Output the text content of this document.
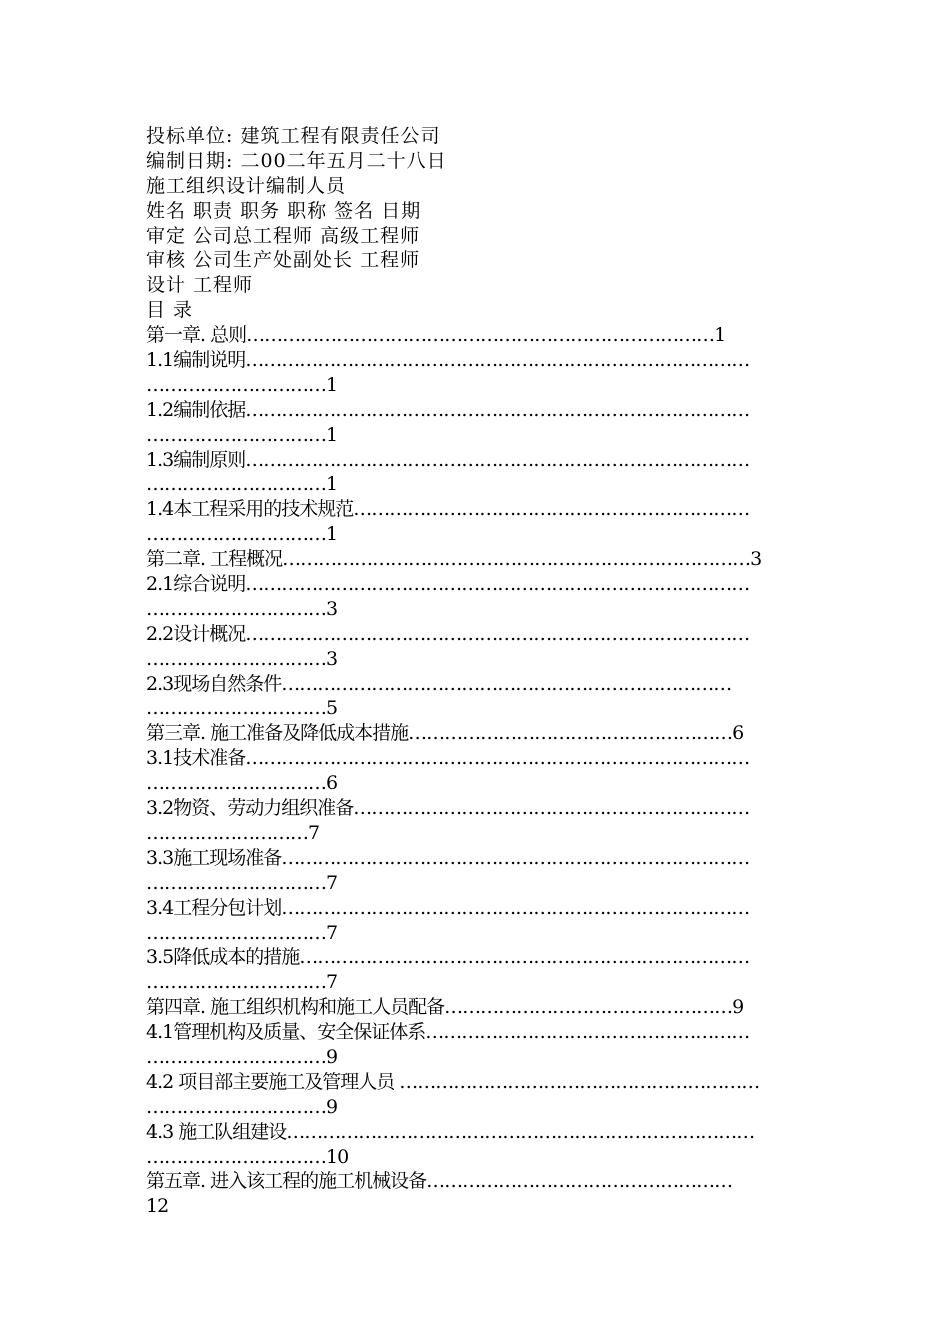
投标单位: 建筑工程有限责任公司
编制日期: 二00二年五月二十八日
施工组织设计编制人员
姓名 职责 职务 职称 签名 日期
审定 公司总工程师 高级工程师
审核 公司生产处副处长 工程师
设计 工程师
目 录
第一章. 总则……………………………………………………………………1
1.1编制说明…………………………………………………………………………
…………………………1
1.2编制依据…………………………………………………………………………
…………………………1
1.3编制原则…………………………………………………………………………
…………………………1
1.4本工程采用的技术规范…………………………………………………………
…………………………1
第二章. 工程概况……………………………………………………………………3
2.1综合说明…………………………………………………………………………
…………………………3
2.2设计概况…………………………………………………………………………
…………………………3
2.3现场自然条件…………………………………………………………………
…………………………5
第三章. 施工准备及降低成本措施………………………………………………6
3.1技术准备…………………………………………………………………………
…………………………6
3.2物资、劳动力组织准备…………………………………………………………
………………………7
3.3施工现场准备……………………………………………………………………
…………………………7
3.4工程分包计划……………………………………………………………………
…………………………7
3.5降低成本的措施…………………………………………………………………
…………………………7
第四章. 施工组织机构和施工人员配备…………………………………………9
4.1管理机构及质量、安全保证体系………………………………………………
…………………………9
4.2 项目部主要施工及管理人员 ……………………………………………………
…………………………9
4.3 施工队组建设……………………………………………………………………
…………………………10
第五章. 进入该工程的施工机械设备……………………………………………
12
